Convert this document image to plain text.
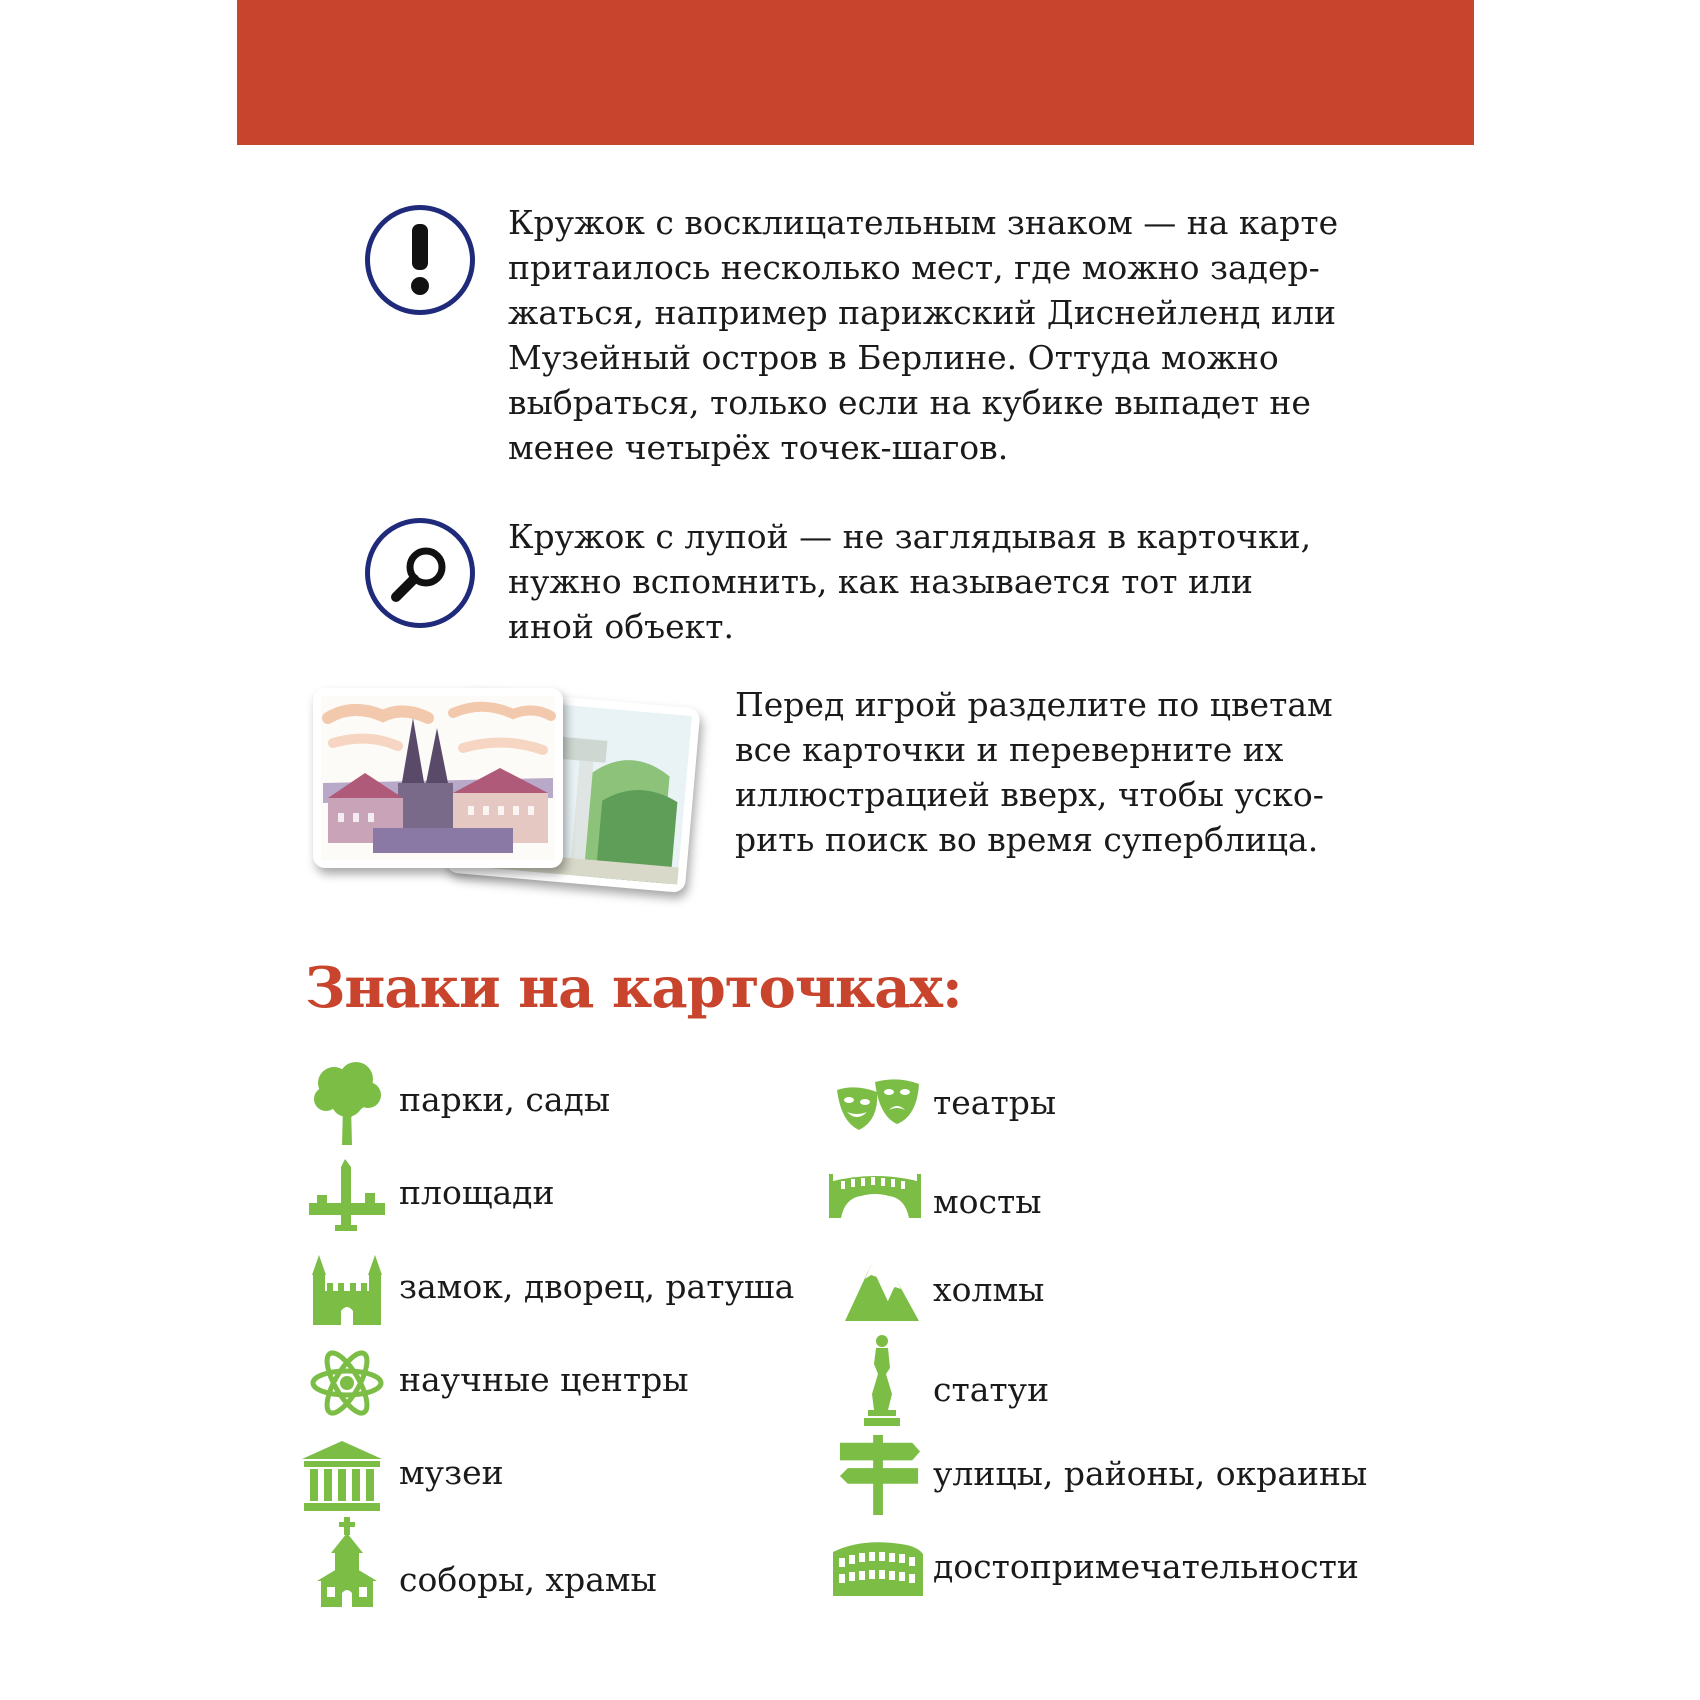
Кружок с восклицательным знаком — на карте
притаилось несколько мест, где можно задер-
жаться, например парижский Диснейленд или
Музейный остров в Берлине. Оттуда можно
выбраться, только если на кубике выпадет не
менее четырёх точек-шагов.
Кружок с лупой — не заглядывая в карточки,
нужно вспомнить, как называется тот или
иной объект.
Перед игрой разделите по цветам
все карточки и переверните их
иллюстрацией вверх, чтобы уско-
рить поиск во время суперблица.
Знаки на карточках:
парки, сады
площади
замок, дворец, ратуша
научные центры
музеи
соборы, храмы
театры
мосты
холмы
статуи
улицы, районы, окраины
достопримечательности
